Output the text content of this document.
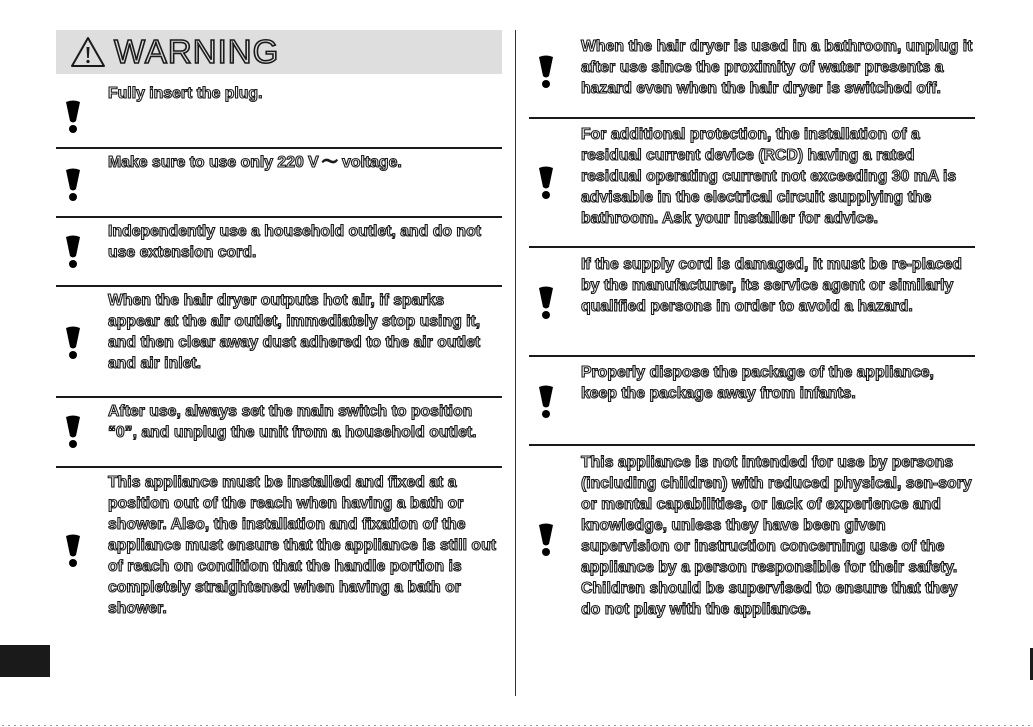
WARNING
Fully insert the plug.
Make sure to use only 220 V 〜 voltage.
Independently use a household outlet, and do not use extension cord.
When the hair dryer outputs hot air, if sparks appear at the air outlet, immediately stop using it, and then clear away dust adhered to the air outlet and air inlet.
After use, always set the main switch to position “0”, and unplug the unit from a household outlet.
This appliance must be installed and fixed at a position out of the reach when having a bath or shower. Also, the installation and fixation of the appliance must ensure that the appliance is still out of reach on condition that the handle portion is completely straightened when having a bath or shower.
When the hair dryer is used in a bathroom, unplug it after use since the proximity of water presents a hazard even when the hair dryer is switched off.
For additional protection, the installation of a residual current device (RCD) having a rated residual operating current not exceeding 30 mA is advisable in the electrical circuit supplying the bathroom. Ask your installer for advice.
If the supply cord is damaged, it must be re-placed by the manufacturer, its service agent or similarly qualified persons in order to avoid a hazard.
Properly dispose the package of the appliance, keep the package away from infants.
This appliance is not intended for use by persons (including children) with reduced physical, sen-sory or mental capabilities, or lack of experience and knowledge, unless they have been given supervision or instruction concerning use of the appliance by a person responsible for their safety. Children should be supervised to ensure that they do not play with the appliance.
